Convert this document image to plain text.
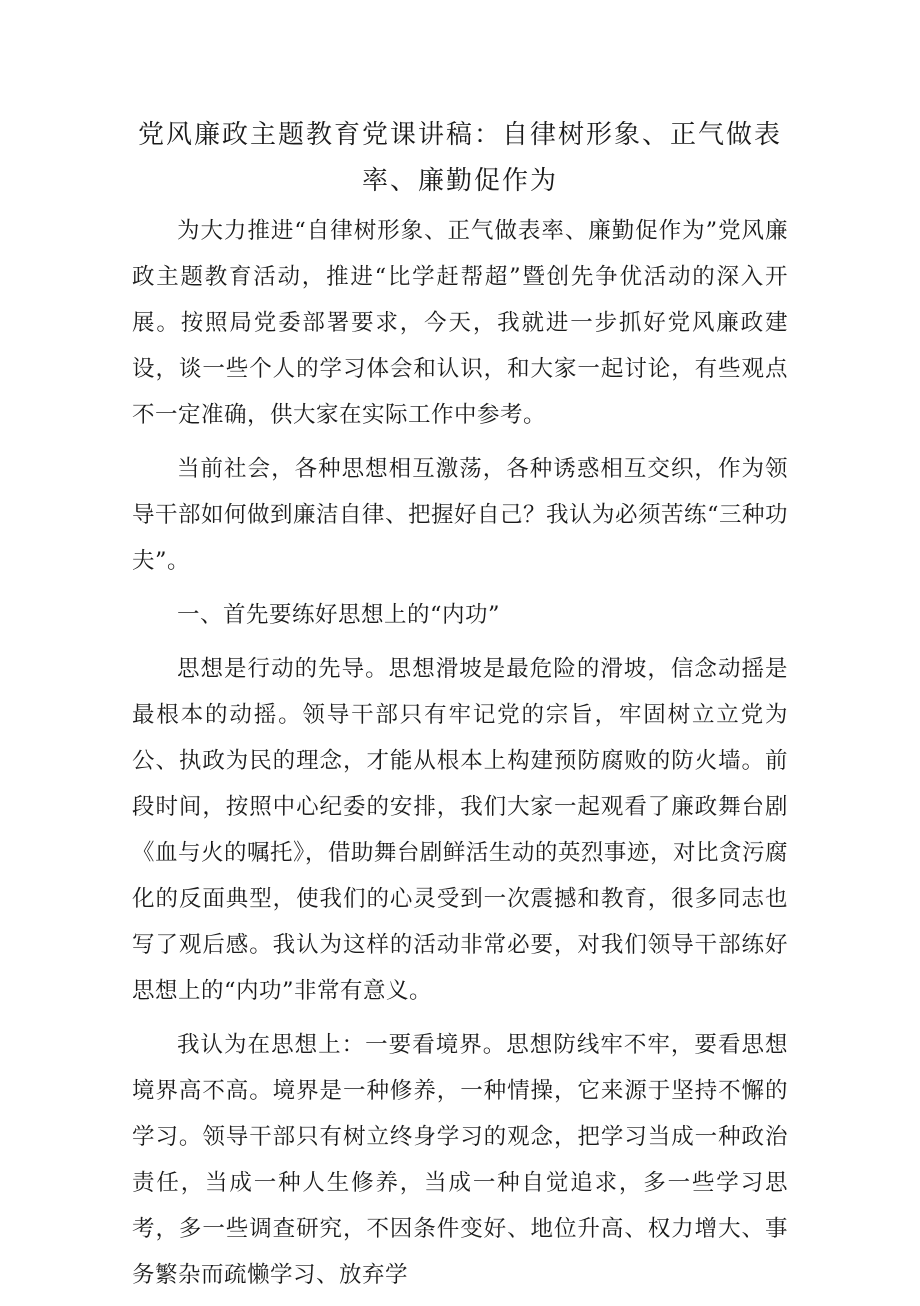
党风廉政主题教育党课讲稿：自律树形象、正气做表率、廉勤促作为

为大力推进“自律树形象、正气做表率、廉勤促作为”党风廉政主题教育活动，推进“比学赶帮超”暨创先争优活动的深入开展。按照局党委部署要求，今天，我就进一步抓好党风廉政建设，谈一些个人的学习体会和认识，和大家一起讨论，有些观点不一定准确，供大家在实际工作中参考。

当前社会，各种思想相互激荡，各种诱惑相互交织，作为领导干部如何做到廉洁自律、把握好自己？我认为必须苦练“三种功夫”。

一、首先要练好思想上的“内功”

思想是行动的先导。思想滑坡是最危险的滑坡，信念动摇是最根本的动摇。领导干部只有牢记党的宗旨，牢固树立立党为公、执政为民的理念，才能从根本上构建预防腐败的防火墙。前段时间，按照中心纪委的安排，我们大家一起观看了廉政舞台剧《血与火的嘱托》，借助舞台剧鲜活生动的英烈事迹，对比贪污腐化的反面典型，使我们的心灵受到一次震撼和教育，很多同志也写了观后感。我认为这样的活动非常必要，对我们领导干部练好思想上的“内功”非常有意义。

我认为在思想上：一要看境界。思想防线牢不牢，要看思想境界高不高。境界是一种修养，一种情操，它来源于坚持不懈的学习。领导干部只有树立终身学习的观念，把学习当成一种政治责任，当成一种人生修养，当成一种自觉追求，多一些学习思考，多一些调查研究，不因条件变好、地位升高、权力增大、事务繁杂而疏懒学习、放弃学
